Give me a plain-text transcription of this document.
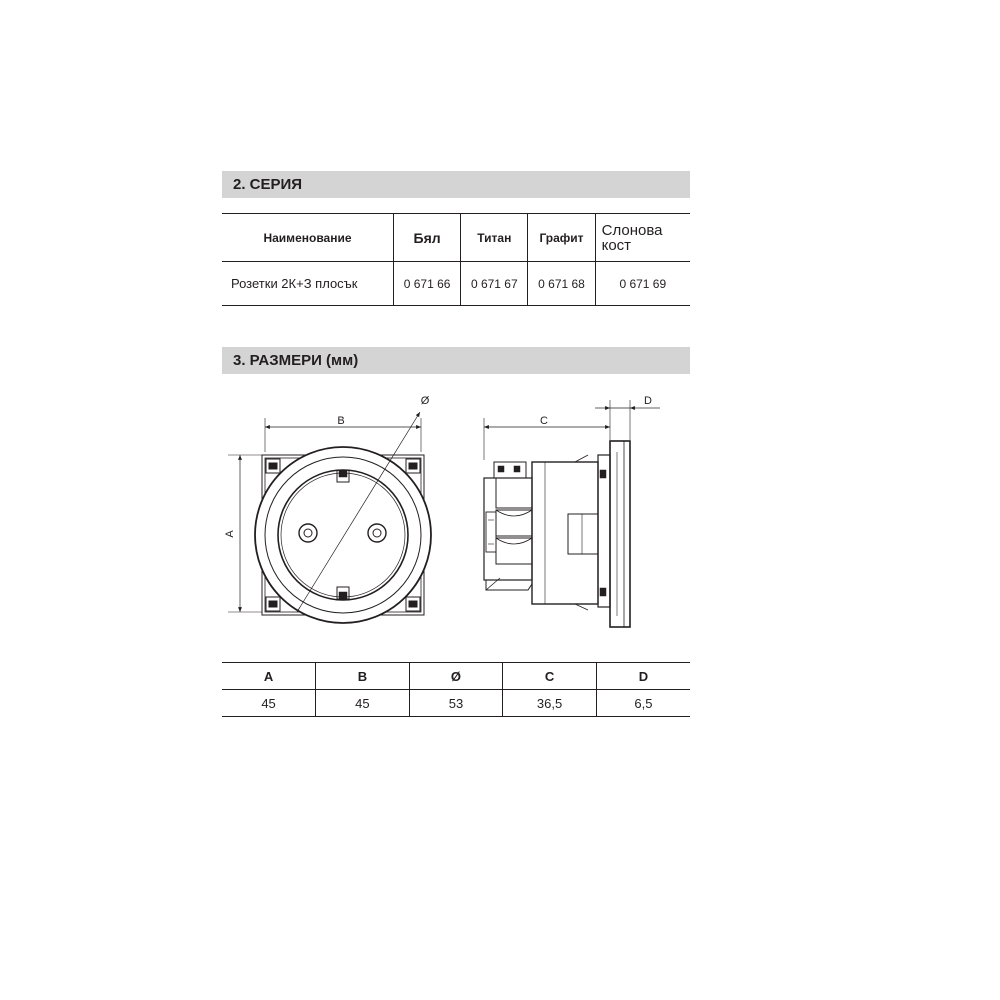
2. СЕРИЯ
Наименование	Бял	Титан	Графит	Слонова
кост
Розетки 2К+З плосък	0 671 66	0 671 67	0 671 68	0 671 69
3. РАЗМЕРИ (мм)
B
A
Ø
C
D
A	B	Ø	C	D
45	45	53	36,5	6,5
